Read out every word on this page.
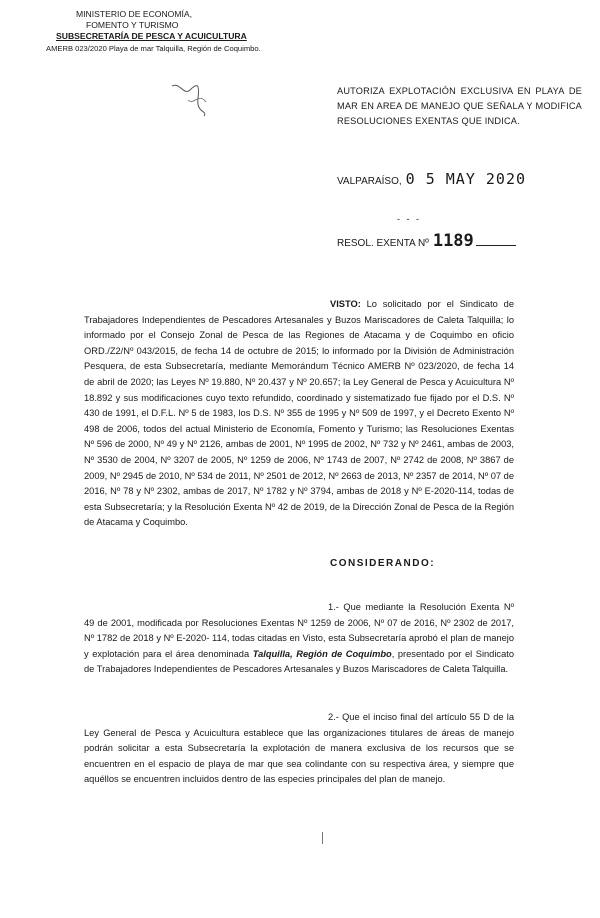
MINISTERIO DE ECONOMÍA,
FOMENTO Y TURISMO
SUBSECRETARÍA DE PESCA Y ACUICULTURA
AMERB 023/2020 Playa de mar Talquilla, Región de Coquimbo.
AUTORIZA EXPLOTACIÓN EXCLUSIVA EN PLAYA DE MAR EN AREA DE MANEJO QUE SEÑALA Y MODIFICA RESOLUCIONES EXENTAS QUE INDICA.
VALPARAÍSO, 0 5 MAY 2020
- - -
RESOL. EXENTA Nº 1189
VISTO: Lo solicitado por el Sindicato de Trabajadores Independientes de Pescadores Artesanales y Buzos Mariscadores de Caleta Talquilla; lo informado por el Consejo Zonal de Pesca de las Regiones de Atacama y de Coquimbo en oficio ORD./Z2/Nº 043/2015, de fecha 14 de octubre de 2015; lo informado por la División de Administración Pesquera, de esta Subsecretaría, mediante Memorándum Técnico AMERB Nº 023/2020, de fecha 14 de abril de 2020; las Leyes Nº 19.880, Nº 20.437 y Nº 20.657; la Ley General de Pesca y Acuicultura Nº 18.892 y sus modificaciones cuyo texto refundido, coordinado y sistematizado fue fijado por el D.S. Nº 430 de 1991, el D.F.L. Nº 5 de 1983, los D.S. Nº 355 de 1995 y Nº 509 de 1997, y el Decreto Exento Nº 498 de 2006, todos del actual Ministerio de Economía, Fomento y Turismo; las Resoluciones Exentas Nº 596 de 2000, Nº 49 y Nº 2126, ambas de 2001, Nº 1995 de 2002, Nº 732 y Nº 2461, ambas de 2003, Nº 3530 de 2004, Nº 3207 de 2005, Nº 1259 de 2006, Nº 1743 de 2007, Nº 2742 de 2008, Nº 3867 de 2009, Nº 2945 de 2010, Nº 534 de 2011, Nº 2501 de 2012, Nº 2663 de 2013, Nº 2357 de 2014, Nº 07 de 2016, Nº 78 y Nº 2302, ambas de 2017, Nº 1782 y Nº 3794, ambas de 2018 y Nº E-2020-114, todas de esta Subsecretaría; y la Resolución Exenta Nº 42 de 2019, de la Dirección Zonal de Pesca de la Región de Atacama y Coquimbo.
CONSIDERANDO:
1.- Que mediante la Resolución Exenta Nº 49 de 2001, modificada por Resoluciones Exentas Nº 1259 de 2006, Nº 07 de 2016, Nº 2302 de 2017, Nº 1782 de 2018 y Nº E-2020- 114, todas citadas en Visto, esta Subsecretaría aprobó el plan de manejo y explotación para el área denominada Talquilla, Región de Coquimbo, presentado por el Sindicato de Trabajadores Independientes de Pescadores Artesanales y Buzos Mariscadores de Caleta Talquilla.
2.- Que el inciso final del artículo 55 D de la Ley General de Pesca y Acuicultura establece que las organizaciones titulares de áreas de manejo podrán solicitar a esta Subsecretaría la explotación de manera exclusiva de los recursos que se encuentren en el espacio de playa de mar que sea colindante con su respectiva área, y siempre que aquéllos se encuentren incluidos dentro de las especies principales del plan de manejo.
